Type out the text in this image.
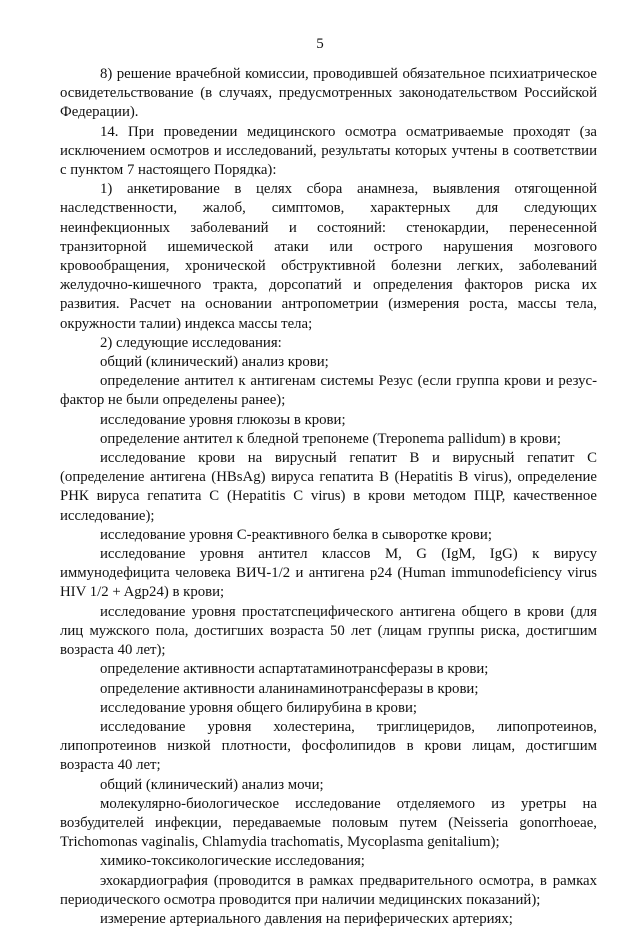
5

8) решение врачебной комиссии, проводившей обязательное психиатрическое освидетельствование (в случаях, предусмотренных законодательством Российской Федерации).

14. При проведении медицинского осмотра осматриваемые проходят (за исключением осмотров и исследований, результаты которых учтены в соответствии с пунктом 7 настоящего Порядка):

1) анкетирование в целях сбора анамнеза, выявления отягощенной наследственности, жалоб, симптомов, характерных для следующих неинфекционных заболеваний и состояний: стенокардии, перенесенной транзиторной ишемической атаки или острого нарушения мозгового кровообращения, хронической обструктивной болезни легких, заболеваний желудочно-кишечного тракта, дорсопатий и определения факторов риска их развития. Расчет на основании антропометрии (измерения роста, массы тела, окружности талии) индекса массы тела;

2) следующие исследования:

общий (клинический) анализ крови;

определение антител к антигенам системы Резус (если группа крови и резус-фактор не были определены ранее);

исследование уровня глюкозы в крови;

определение антител к бледной трепонеме (Treponema pallidum) в крови;

исследование крови на вирусный гепатит В и вирусный гепатит С (определение антигена (HBsAg) вируса гепатита В (Hepatitis В virus), определение РНК вируса гепатита С (Hepatitis С virus) в крови методом ПЦР, качественное исследование);

исследование уровня С-реактивного белка в сыворотке крови;

исследование уровня антител классов М, G (IgM, IgG) к вирусу иммунодефицита человека ВИЧ-1/2 и антигена р24 (Human immunodeficiency virus HIV 1/2 + Agp24) в крови;

исследование уровня простатспецифического антигена общего в крови (для лиц мужского пола, достигших возраста 50 лет (лицам группы риска, достигшим возраста 40 лет);

определение активности аспартатаминотрансферазы в крови;

определение активности аланинаминотрансферазы в крови;

исследование уровня общего билирубина в крови;

исследование уровня холестерина, триглицеридов, липопротеинов, липопротеинов низкой плотности, фосфолипидов в крови лицам, достигшим возраста 40 лет;

общий (клинический) анализ мочи;

молекулярно-биологическое исследование отделяемого из уретры на возбудителей инфекции, передаваемые половым путем (Neisseria gonorrhoeae, Trichomonas vaginalis, Chlamydia trachomatis, Mycoplasma genitalium);

химико-токсикологические исследования;

эхокардиография (проводится в рамках предварительного осмотра, в рамках периодического осмотра проводится при наличии медицинских показаний);

измерение артериального давления на периферических артериях;
